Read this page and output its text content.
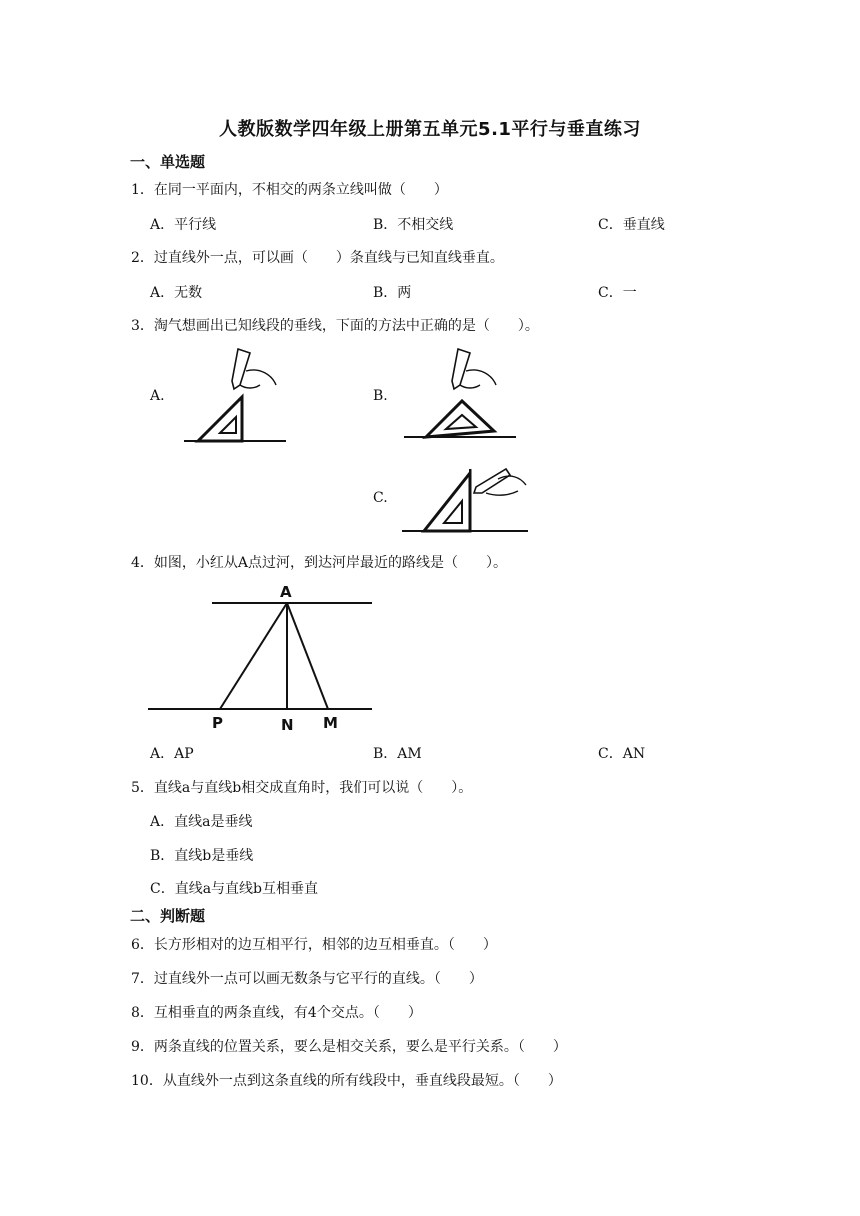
人教版数学四年级上册第五单元5.1平行与垂直练习
一、单选题
1．在同一平面内，不相交的两条立线叫做（　　）
A．平行线	B．不相交线	C．垂直线
2．过直线外一点，可以画（　　）条直线与已知直线垂直。
A．无数	B．两	C．一
3．淘气想画出已知线段的垂线，下面的方法中正确的是（　　）。
A.	B.
C.
4．如图，小红从A点过河，到达河岸最近的路线是（　　）。
A
P	N M
A．AP	B．AM	C．AN
5．直线a与直线b相交成直角时，我们可以说（　　）。
A．直线a是垂线
B．直线b是垂线
C．直线a与直线b互相垂直
二、判断题
6．长方形相对的边互相平行，相邻的边互相垂直。（　　）
7．过直线外一点可以画无数条与它平行的直线。（　　）
8．互相垂直的两条直线，有4个交点。（　　）
9．两条直线的位置关系，要么是相交关系，要么是平行关系。（　　）
10．从直线外一点到这条直线的所有线段中，垂直线段最短。（　　）
